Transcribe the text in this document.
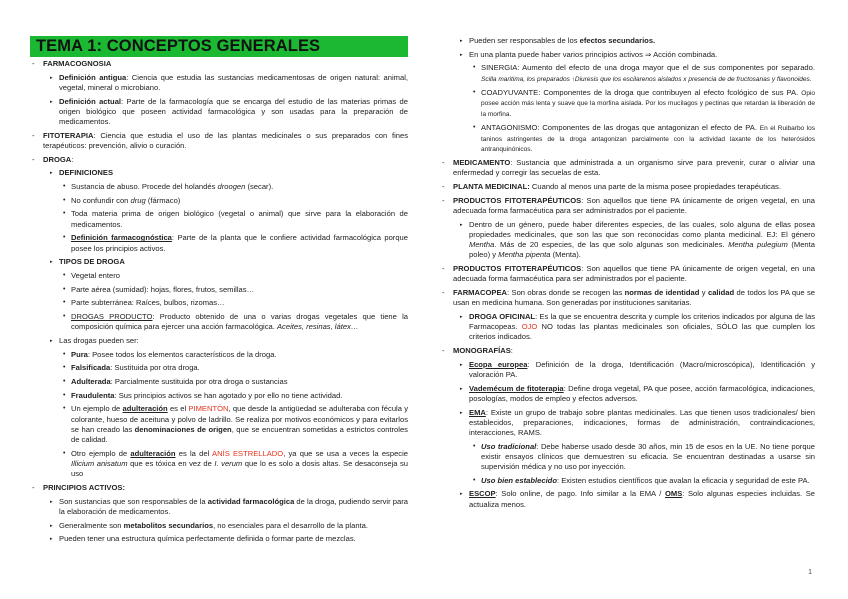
TEMA 1: CONCEPTOS GENERALES
- FARMACOGNOSIA
▸ Definición antigua: Ciencia que estudia las sustancias medicamentosas de origen natural: animal, vegetal, mineral o microbiano.
▸ Definición actual: Parte de la farmacología que se encarga del estudio de las materias primas de origen biológico que poseen actividad farmacológica y son usadas para la preparación de medicamentos.
- FITOTERAPIA: Ciencia que estudia el uso de las plantas medicinales o sus preparados con fines terapéuticos: prevención, alivio o curación.
- DROGA:
▸ DEFINICIONES
• Sustancia de abuso. Procede del holandés droogen (secar).
• No confundir con drug (fármaco)
• Toda materia prima de origen biológico (vegetal o animal) que sirve para la elaboración de medicamentos.
• Definición farmacognóstica: Parte de la planta que le confiere actividad farmacológica porque posee los principios activos.
▸ TIPOS DE DROGA
• Vegetal entero
• Parte aérea (sumidad): hojas, flores, frutos, semillas…
• Parte subterránea: Raíces, bulbos, rizomas…
• DROGAS PRODUCTO: Producto obtenido de una o varias drogas vegetales que tiene la composición química para ejercer una acción farmacológica. Aceites, resinas, látex…
▸ Las drogas pueden ser:
• Pura: Posee todos los elementos característicos de la droga.
• Falsificada: Sustituida por otra droga.
• Adulterada: Parcialmente sustituida por otra droga o sustancias
• Fraudulenta: Sus principios activos se han agotado y por ello no tiene actividad.
• Un ejemplo de adulteración es el PIMENTÓN, que desde la antigüedad se adulteraba con fécula y colorante, hueso de aceituna y polvo de ladrillo. Se realiza por motivos económicos y para evitarlos se han creado las denominaciones de origen, que se encuentran sometidas a estrictos controles de calidad.
• Otro ejemplo de adulteración es la del ANÍS ESTRELLADO, ya que se usa a veces la especie Illicium anisatum que es tóxica en vez de I. verum que lo es solo a dosis altas. Se desaconseja su uso
- PRINCIPIOS ACTIVOS:
▸ Son sustancias que son responsables de la actividad farmacológica de la droga, pudiendo servir para la elaboración de medicamentos.
▸ Generalmente son metabolitos secundarios, no esenciales para el desarrollo de la planta.
▸ Pueden tener una estructura química perfectamente definida o formar parte de mezclas.
▸ Pueden ser responsables de los efectos secundarios.
▸ En una planta puede haber varios principios activos ⇒ Acción combinada.
• SINERGIA: Aumento del efecto de una droga mayor que el de sus componentes por separado. Scilla maritima, los preparados ↑Diuresis que los escilarenos aislados x presencia de de fructosanas y flavonoides.
• COADYUVANTE: Componentes de la droga que contribuyen al efecto fcológico de sus PA. Opio posee acción más lenta y suave que la morfina aislada. Por los mucílagos y pectinas que retardan la liberación de la morfina.
• ANTAGONISMO: Componentes de las drogas que antagonizan el efecto de PA. En el Ruibarbo los taninos astringentes de la droga antagonizan parcialmente con la actividad laxante de los heterósidos antranquinónicos.
- MEDICAMENTO: Sustancia que administrada a un organismo sirve para prevenir, curar o aliviar una enfermedad y corregir las secuelas de esta.
- PLANTA MEDICINAL: Cuando al menos una parte de la misma posee propiedades terapéuticas.
- PRODUCTOS FITOTERAPÉUTICOS: Son aquellos que tiene PA únicamente de origen vegetal, en una adecuada forma farmacéutica para ser administrados por el paciente.
▸ Dentro de un género, puede haber diferentes especies, de las cuales, solo alguna de ellas posea propiedades medicinales, que son las que son reconocidas como planta medicinal. EJ: El género Mentha. Más de 20 especies, de las que solo algunas son medicinales. Mentha pulegium (Menta poleo) y Mentha pipenta (Menta).
- PRODUCTOS FITOTERAPÉUTICOS: Son aquellos que tiene PA únicamente de origen vegetal, en una adecuada forma farmacéutica para ser administrados por el paciente.
- FARMACOPEA: Son obras donde se recogen las normas de identidad y calidad de todos los PA que se usan en medicina humana. Son generadas por instituciones sanitarias.
▸ DROGA OFICINAL: Es la que se encuentra descrita y cumple los criterios indicados por alguna de las Farmacopeas. OJO NO todas las plantas medicinales son oficiales, SÓLO las que cumplen los criterios indicados.
- MONOGRAFÍAS:
▸ Ecopa europea: Definición de la droga, Identificación (Macro/microscópica), Identificación y valoración PA.
▸ Vademécum de fitoterapia: Define droga vegetal, PA que posee, acción farmacológica, indicaciones, posologías, modos de empleo y efectos adversos.
▸ EMA: Existe un grupo de trabajo sobre plantas medicinales. Las que tienen usos tradicionales/ bien establecidos, preparaciones, indicaciones, formas de administración, contraindicaciones, interacciones, RAMS.
• Uso tradicional: Debe haberse usado desde 30 años, min 15 de esos en la UE. No tiene porque existir ensayos clínicos que demuestren su eficacia. Se encuentran destinadas a usarse sin supervisión médica y no uso por inyección.
• Uso bien establecido: Existen estudios científicos que avalan la eficacia y seguridad de este PA.
▸ ESCOP: Solo online, de pago. Info similar a la EMA / OMS: Solo algunas especies incluidas. Se actualiza menos.
1
